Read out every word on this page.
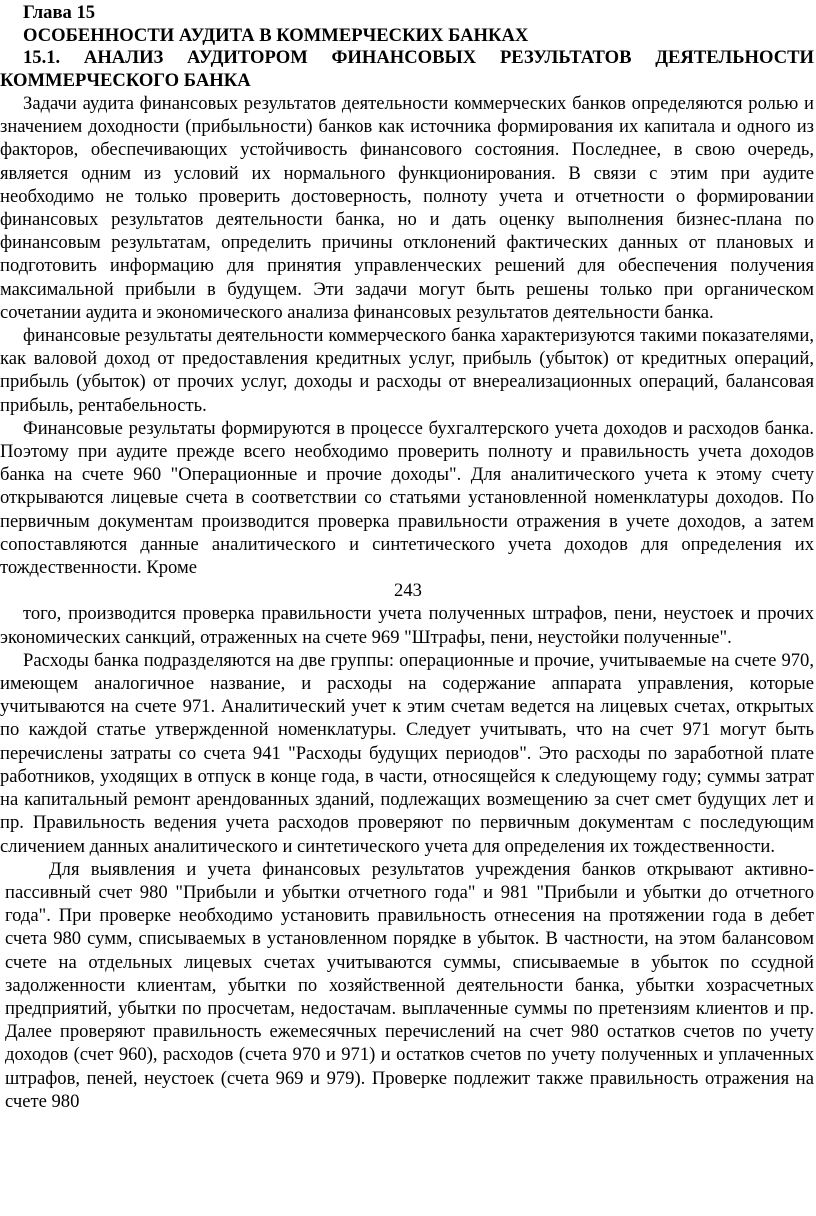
Глава 15

ОСОБЕННОСТИ АУДИТА В КОММЕРЧЕСКИХ БАНКАХ

15.1. АНАЛИЗ АУДИТОРОМ ФИНАНСОВЫХ РЕЗУЛЬТАТОВ ДЕЯТЕЛЬНОСТИ КОММЕРЧЕСКОГО БАНКА

Задачи аудита финансовых результатов деятельности коммерческих банков определяются ролью и значением доходности (прибыльности) банков как источника формирования их капитала и одного из факторов, обеспечивающих устойчивость финансового состояния. Последнее, в свою очередь, является одним из условий их нормального функционирования. В связи с этим при аудите необходимо не только проверить достоверность, полноту учета и отчетности о формировании финансовых результатов деятельности банка, но и дать оценку выполнения бизнес-плана по финансовым результатам, определить причины отклонений фактических данных от плановых и подготовить информацию для принятия управленческих решений для обеспечения получения максимальной прибыли в будущем. Эти задачи могут быть решены только при органическом сочетании аудита и экономического анализа финансовых результатов деятельности банка.

финансовые результаты деятельности коммерческого банка характеризуются такими показателями, как валовой доход от предоставления кредитных услуг, прибыль (убыток) от кредитных операций, прибыль (убыток) от прочих услуг, доходы и расходы от внереализационных операций, балансовая прибыль, рентабельность.

Финансовые результаты формируются в процессе бухгалтерского учета доходов и расходов банка. Поэтому при аудите прежде всего необходимо проверить полноту и правильность учета доходов банка на счете 960 "Операционные и прочие доходы". Для аналитического учета к этому счету открываются лицевые счета в соответствии со статьями установленной номенклатуры доходов. По первичным документам производится проверка правильности отражения в учете доходов, а затем сопоставляются данные аналитического и синтетического учета доходов для определения их тождественности. Кроме

243

того, производится проверка правильности учета полученных штрафов, пени, неустоек и прочих экономических санкций, отраженных на счете 969 "Штрафы, пени, неустойки полученные".

Расходы банка подразделяются на две группы: операционные и прочие, учитываемые на счете 970, имеющем аналогичное название, и расходы на содержание аппарата управления, которые учитываются на счете 971. Аналитический учет к этим счетам ведется на лицевых счетах, открытых по каждой статье утвержденной номенклатуры. Следует учитывать, что на счет 971 могут быть перечислены затраты со счета 941 "Расходы будущих периодов". Это расходы по заработной плате работников, уходящих в отпуск в конце года, в части, относящейся к следующему году; суммы затрат на капитальный ремонт арендованных зданий, подлежащих возмещению за счет смет будущих лет и пр. Правильность ведения учета расходов проверяют по первичным документам с последующим сличением данных аналитического и синтетического учета для определения их тождественности.

Для выявления и учета финансовых результатов учреждения банков открывают активно-пассивный счет 980 "Прибыли и убытки отчетного года" и 981 "Прибыли и убытки до отчетного года". При проверке необходимо установить правильность отнесения на протяжении года в дебет счета 980 сумм, списываемых в установленном порядке в убыток. В частности, на этом балансовом счете на отдельных лицевых счетах учитываются суммы, списываемые в убыток по ссудной задолженности клиентам, убытки по хозяйственной деятельности банка, убытки хозрасчетных предприятий, убытки по просчетам, недостачам. выплаченные суммы по претензиям клиентов и пр. Далее проверяют правильность ежемесячных перечислений на счет 980 остатков счетов по учету доходов (счет 960), расходов (счета 970 и 971) и остатков счетов по учету полученных и уплаченных штрафов, пеней, неустоек (счета 969 и 979). Проверке подлежит также правильность отражения на счете 980
